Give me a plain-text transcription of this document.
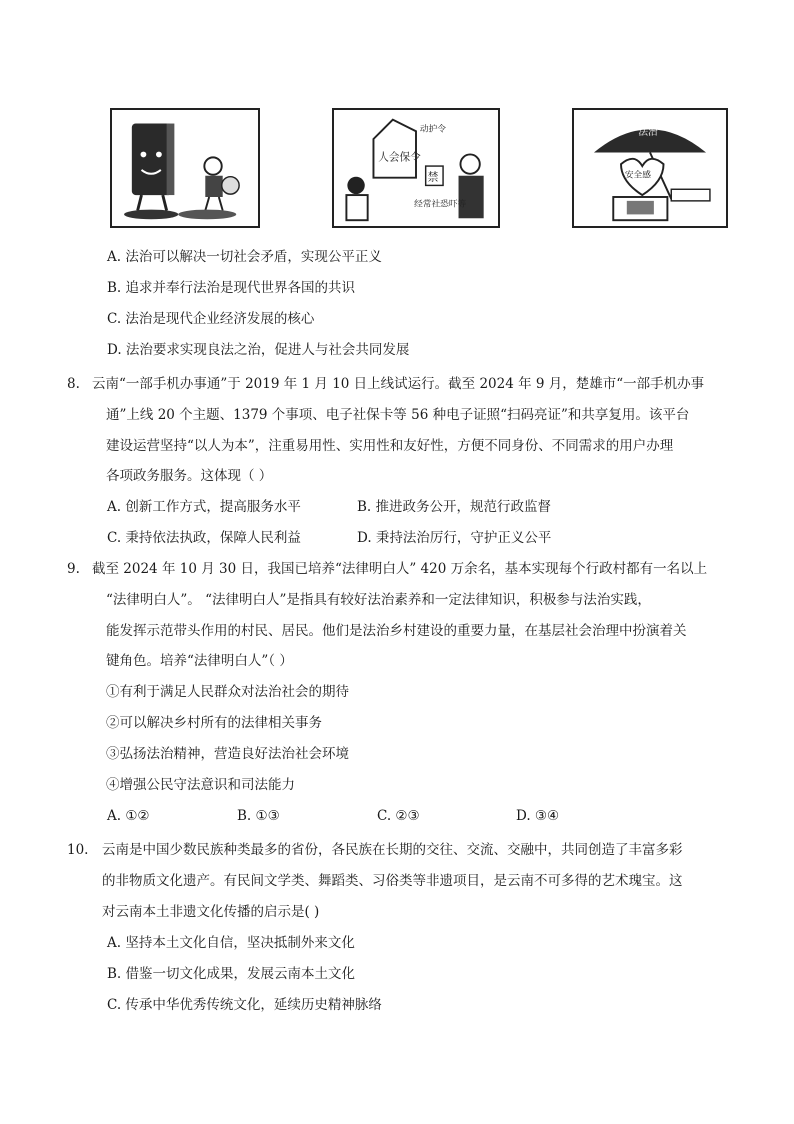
人会保令
动护令
禁
经常社恐吓等
法治
安全感
A. 法治可以解决一切社会矛盾，实现公平正义
B. 追求并奉行法治是现代世界各国的共识
C. 法治是现代企业经济发展的核心
D. 法治要求实现良法之治，促进人与社会共同发展
8. 云南“一部手机办事通”于 2019 年 1 月 10 日上线试运行。截至 2024 年 9 月，楚雄市“一部手机办事
通”上线 20 个主题、1379 个事项、电子社保卡等 56 种电子证照“扫码亮证”和共享复用。该平台
建设运营坚持“以人为本”，注重易用性、实用性和友好性，方便不同身份、不同需求的用户办理
各项政务服务。这体现（ ）
A. 创新工作方式，提高服务水平	B. 推进政务公开，规范行政监督
C. 秉持依法执政，保障人民利益	D. 秉持法治厉行，守护正义公平
9. 截至 2024 年 10 月 30 日，我国已培养“法律明白人” 420 万余名，基本实现每个行政村都有一名以上
“法律明白人”。 “法律明白人”是指具有较好法治素养和一定法律知识，积极参与法治实践，
能发挥示范带头作用的村民、居民。他们是法治乡村建设的重要力量，在基层社会治理中扮演着关
键角色。培养“法律明白人”（ ）
①有利于满足人民群众对法治社会的期待
②可以解决乡村所有的法律相关事务
③弘扬法治精神，营造良好法治社会环境
④增强公民守法意识和司法能力
A. ①②	B. ①③	C. ②③	D. ③④
10. 云南是中国少数民族种类最多的省份，各民族在长期的交往、交流、交融中，共同创造了丰富多彩
的非物质文化遗产。有民间文学类、舞蹈类、习俗类等非遗项目，是云南不可多得的艺术瑰宝。这
对云南本土非遗文化传播的启示是( )
A. 坚持本土文化自信，坚决抵制外来文化
B. 借鉴一切文化成果，发展云南本土文化
C. 传承中华优秀传统文化，延续历史精神脉络
